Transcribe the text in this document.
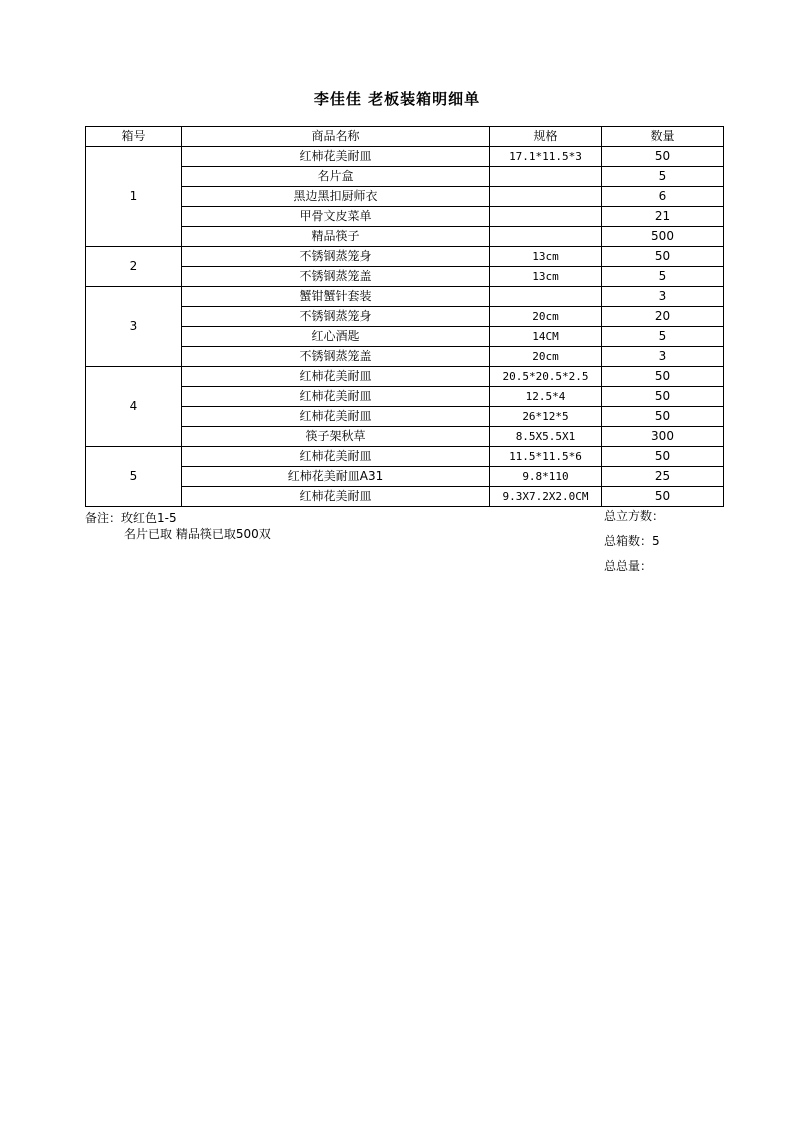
李佳佳 老板装箱明细单
箱号	商品名称	规格	数量
1	红柿花美耐皿	17.1*11.5*3	50
	名片盒		5
	黑边黑扣厨师衣		6
	甲骨文皮菜单		21
	精品筷子		500
2	不锈钢蒸笼身	13cm	50
	不锈钢蒸笼盖	13cm	5
3	蟹钳蟹针套装		3
	不锈钢蒸笼身	20cm	20
	红心酒匙	14CM	5
	不锈钢蒸笼盖	20cm	3
4	红柿花美耐皿	20.5*20.5*2.5	50
	红柿花美耐皿	12.5*4	50
	红柿花美耐皿	26*12*5	50
	筷子架秋草	8.5X5.5X1	300
5	红柿花美耐皿	11.5*11.5*6	50
	红柿花美耐皿A31	9.8*110	25
	红柿花美耐皿	9.3X7.2X2.0CM	50
备注：玫红色1-5
名片已取 精品筷已取500双
总立方数：
总箱数：5
总总量：
